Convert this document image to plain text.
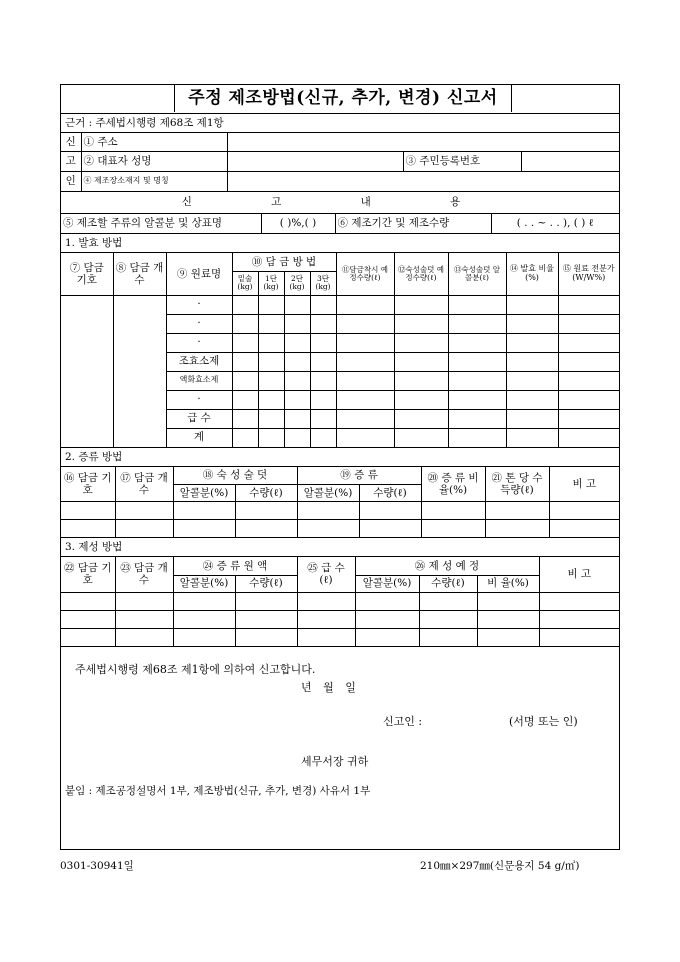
주정 제조방법(신규, 추가, 변경) 신고서
근거 : 주세법시행령 제68조 제1항
신	① 주소			
고	② 대표자 성명		③ 주민등록번호	
인	④ 제조장소재지 및 명칭			
신 고 내 용				
⑤ 제조할 주류의 알콜분 및 상표명	( )%,( )	⑥ 제조기간 및 제조수량	( . . ~ . . ), ( ) ℓ
1. 발효 방법
⑦ 담금 기호	⑧ 담금 개수	⑨ 원료명	⑩ 담 금 방 법				⑪담금착시 예정수량(ℓ)	⑫숙성술덧 예정수량(ℓ)	⑬숙성술덧 알콜분(ℓ)	⑭ 발효 비율 (%)	⑮ 원료 전분가 (W/W%)
			밑술 (kg)	1단 (kg)	2단 (kg)	3단 (kg)					
		·									
		·									
		·									
		조효소제									
		액화효소제									
		·									
		급 수									
		계									
2. 증류 방법
⑯ 담금 기호	⑰ 담금 개수	⑱ 숙 성 술 덧		⑲ 증 류		⑳ 증 류 비율(%)	㉑ 톤 당 수득량(ℓ)	비 고
		알콜분(%)	수량(ℓ)	알콜분(%)	수량(ℓ)			

3. 제성 방법
㉒ 담금 기호	㉓ 담금 개수	㉔ 증 류 원 액		㉕ 급 수 (ℓ)	㉖ 제 성 예 정			비 고
		알콜분(%)	수량(ℓ)		알콜분(%)	수량(ℓ)	비 율(%)	

주세법시행령 제68조 제1항에 의하여 신고합니다.
년 월 일
신고인 :	(서명 또는 인)
세무서장 귀하
붙임 : 제조공정설명서 1부, 제조방법(신규, 추가, 변경) 사유서 1부
0301-30941일	210㎜×297㎜(신문용지 54 g/㎡)
